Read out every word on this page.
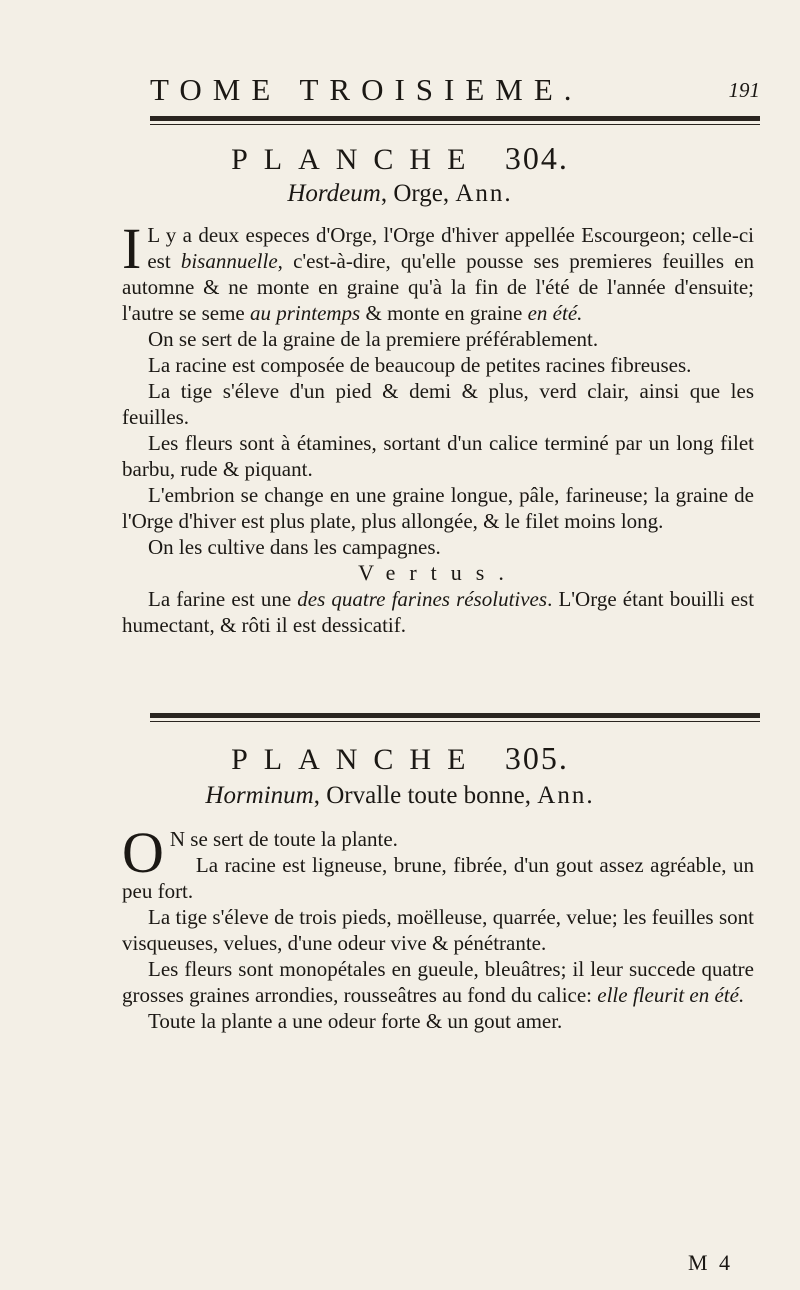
TOME TROISIEME.	191
PLANCHE 304.
Hordeum, Orge, Ann.

I L y a deux especes d'Orge, l'Orge d'hiver appellée Escourgeon; celle-ci est bisannuelle, c'est-à-dire, qu'elle pousse ses premieres feuilles en automne & ne monte en graine qu'à la fin de l'été de l'année d'ensuite; l'autre se seme au printemps & monte en graine en été.

On se sert de la graine de la premiere préférablement.

La racine est composée de beaucoup de petites racines fibreuses.

La tige s'éleve d'un pied & demi & plus, verd clair, ainsi que les feuilles.

Les fleurs sont à étamines, sortant d'un calice terminé par un long filet barbu, rude & piquant.

L'embrion se change en une graine longue, pâle, farineuse; la graine de l'Orge d'hiver est plus plate, plus allongée, & le filet moins long.

On les cultive dans les campagnes.

Vertus.

La farine est une des quatre farines résolutives. L'Orge étant bouilli est humectant, & rôti il est dessicatif.

PLANCHE 305.
Horminum, Orvalle toute bonne, Ann.

O N se sert de toute la plante.

La racine est ligneuse, brune, fibrée, d'un gout assez agréable, un peu fort.

La tige s'éleve de trois pieds, moëlleuse, quarrée, velue; les feuilles sont visqueuses, velues, d'une odeur vive & pénétrante.

Les fleurs sont monopétales en gueule, bleuâtres; il leur succede quatre grosses graines arrondies, rousseâtres au fond du calice: elle fleurit en été.

Toute la plante a une odeur forte & un gout amer.

M 4
